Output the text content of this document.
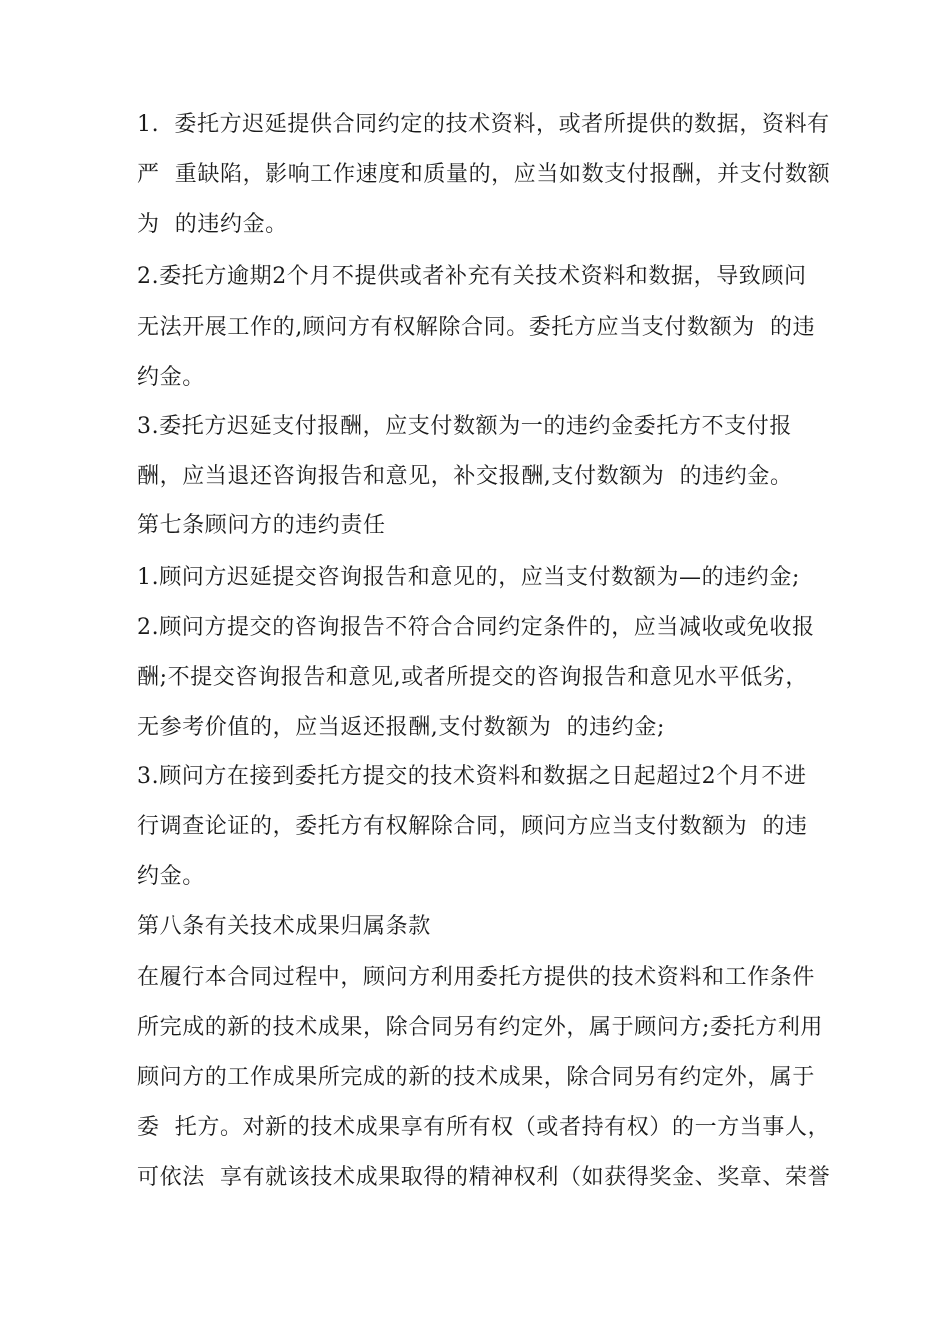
1.  委托方迟延提供合同约定的技术资料，或者所提供的数据，资料有
严  重缺陷，影响工作速度和质量的，应当如数支付报酬，并支付数额
为  的违约金。
2.委托方逾期2个月不提供或者补充有关技术资料和数据，导致顾问
无法开展工作的,顾问方有权解除合同。委托方应当支付数额为  的违
约金。
3.委托方迟延支付报酬，应支付数额为一的违约金委托方不支付报
酬，应当退还咨询报告和意见，补交报酬,支付数额为  的违约金。
第七条顾问方的违约责任
1.顾问方迟延提交咨询报告和意见的，应当支付数额为—的违约金;
2.顾问方提交的咨询报告不符合合同约定条件的，应当减收或免收报
酬;不提交咨询报告和意见,或者所提交的咨询报告和意见水平低劣，
无参考价值的，应当返还报酬,支付数额为  的违约金;
3.顾问方在接到委托方提交的技术资料和数据之日起超过2个月不进
行调查论证的，委托方有权解除合同，顾问方应当支付数额为  的违
约金。
第八条有关技术成果归属条款
在履行本合同过程中，顾问方利用委托方提供的技术资料和工作条件
所完成的新的技术成果，除合同另有约定外，属于顾问方;委托方利用
顾问方的工作成果所完成的新的技术成果，除合同另有约定外，属于
委  托方。对新的技术成果享有所有权（或者持有权）的一方当事人，
可依法  享有就该技术成果取得的精神权利（如获得奖金、奖章、荣誉
